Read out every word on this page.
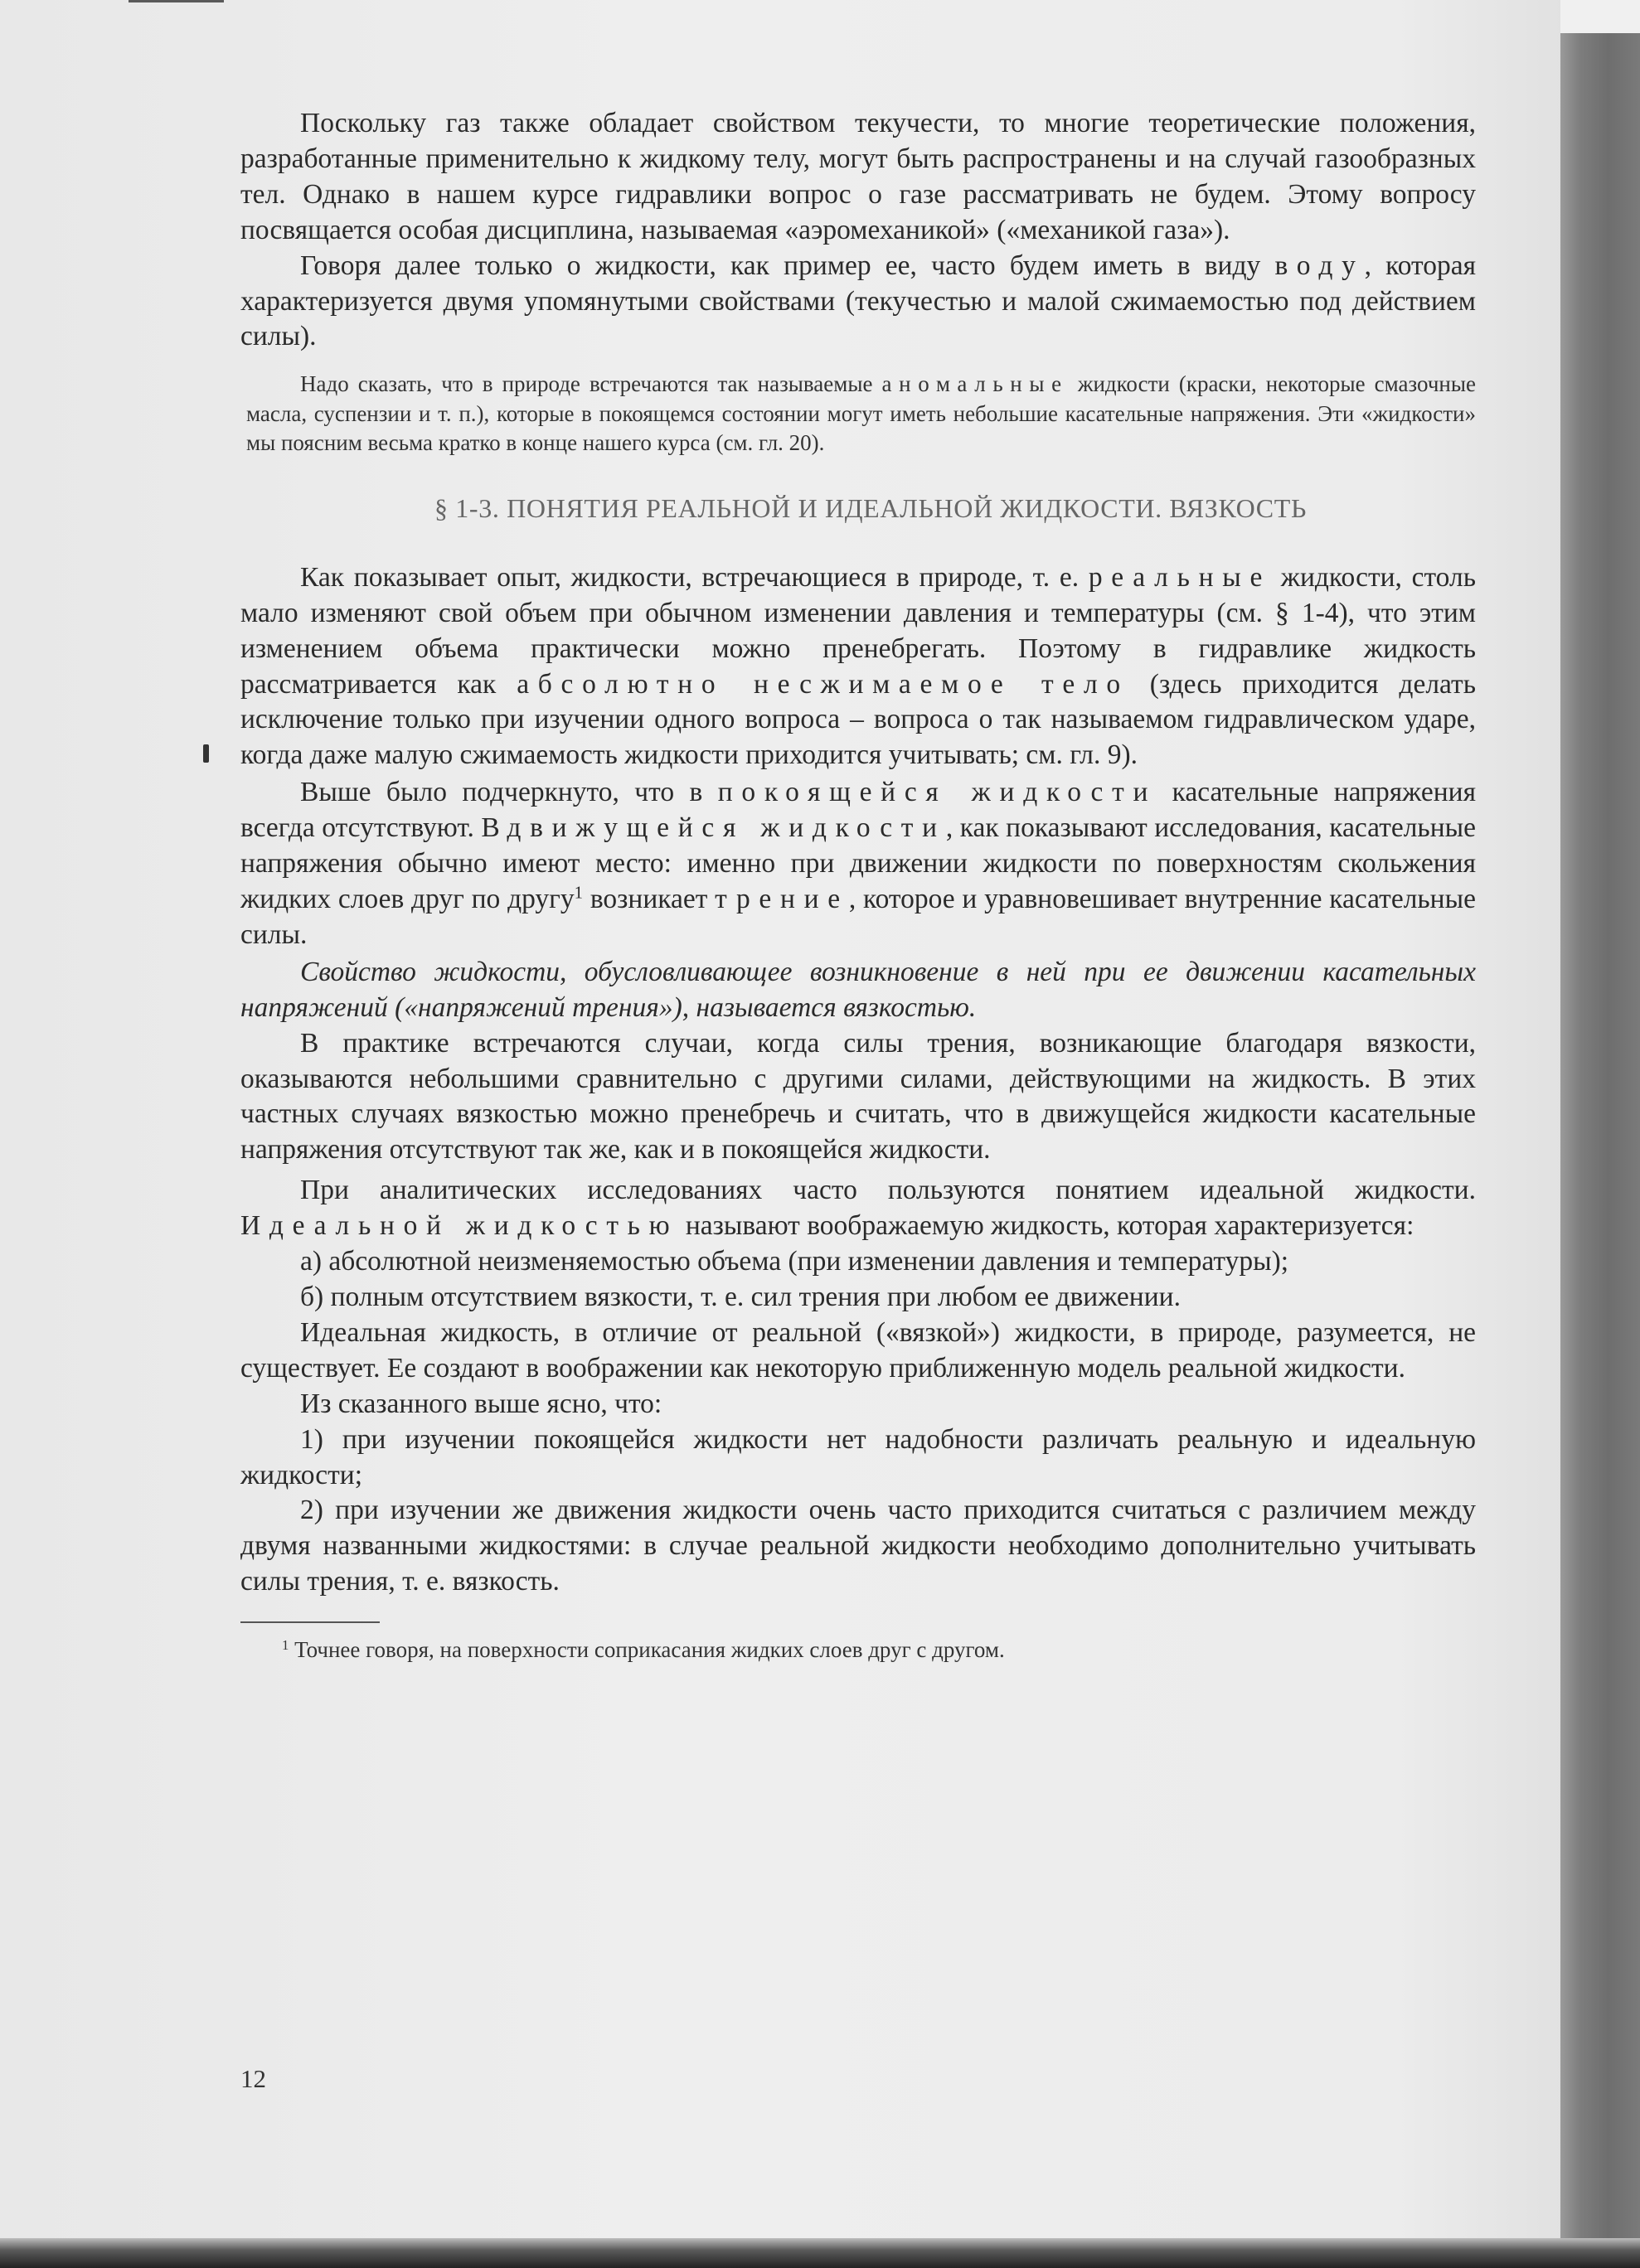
Поскольку газ также обладает свойством текучести, то многие теоретические положения, разработанные применительно к жидкому телу, могут быть распространены и на случай газообразных тел. Однако в нашем курсе гидравлики вопрос о газе рассматривать не будем. Этому вопросу посвящается особая дисциплина, называемая «аэромеханикой» («механикой газа»).

Говоря далее только о жидкости, как пример ее, часто будем иметь в виду воду, которая характеризуется двумя упомянутыми свойствами (текучестью и малой сжимаемостью под действием силы).

Надо сказать, что в природе встречаются так называемые аномальные жидкости (краски, некоторые смазочные масла, суспензии и т. п.), которые в покоящемся состоянии могут иметь небольшие касательные напряжения. Эти «жидкости» мы поясним весьма кратко в конце нашего курса (см. гл. 20).

§ 1-3. ПОНЯТИЯ РЕАЛЬНОЙ И ИДЕАЛЬНОЙ ЖИДКОСТИ. ВЯЗКОСТЬ

Как показывает опыт, жидкости, встречающиеся в природе, т. е. реальные жидкости, столь мало изменяют свой объем при обычном изменении давления и температуры (см. § 1-4), что этим изменением объема практически можно пренебрегать. Поэтому в гидравлике жидкость рассматривается как абсолютно несжимаемое тело (здесь приходится делать исключение только при изучении одного вопроса – вопроса о так называемом гидравлическом ударе, когда даже малую сжимаемость жидкости приходится учитывать; см. гл. 9).

Выше было подчеркнуто, что в покоящейся жидкости касательные напряжения всегда отсутствуют. В движущейся жидкости, как показывают исследования, касательные напряжения обычно имеют место: именно при движении жидкости по поверхностям скольжения жидких слоев друг по другу$^1$ возникает трение, которое и уравновешивает внутренние касательные силы.

Свойство жидкости, обусловливающее возникновение в ней при ее движении касательных напряжений («напряжений трения»), называется вязкостью.

В практике встречаются случаи, когда силы трения, возникающие благодаря вязкости, оказываются небольшими сравнительно с другими силами, действующими на жидкость. В этих частных случаях вязкостью можно пренебречь и считать, что в движущейся жидкости касательные напряжения отсутствуют так же, как и в покоящейся жидкости.

При аналитических исследованиях часто пользуются понятием идеальной жидкости. Идеальной жидкостью называют воображаемую жидкость, которая характеризуется:

а) абсолютной неизменяемостью объема (при изменении давления и температуры);

б) полным отсутствием вязкости, т. е. сил трения при любом ее движении.

Идеальная жидкость, в отличие от реальной («вязкой») жидкости, в природе, разумеется, не существует. Ее создают в воображении как некоторую приближенную модель реальной жидкости.

Из сказанного выше ясно, что:

1) при изучении покоящейся жидкости нет надобности различать реальную и идеальную жидкости;

2) при изучении же движения жидкости очень часто приходится считаться с различием между двумя названными жидкостями: в случае реальной жидкости необходимо дополнительно учитывать силы трения, т. е. вязкость.

$^1$ Точнее говоря, на поверхности соприкасания жидких слоев друг с другом.

12
